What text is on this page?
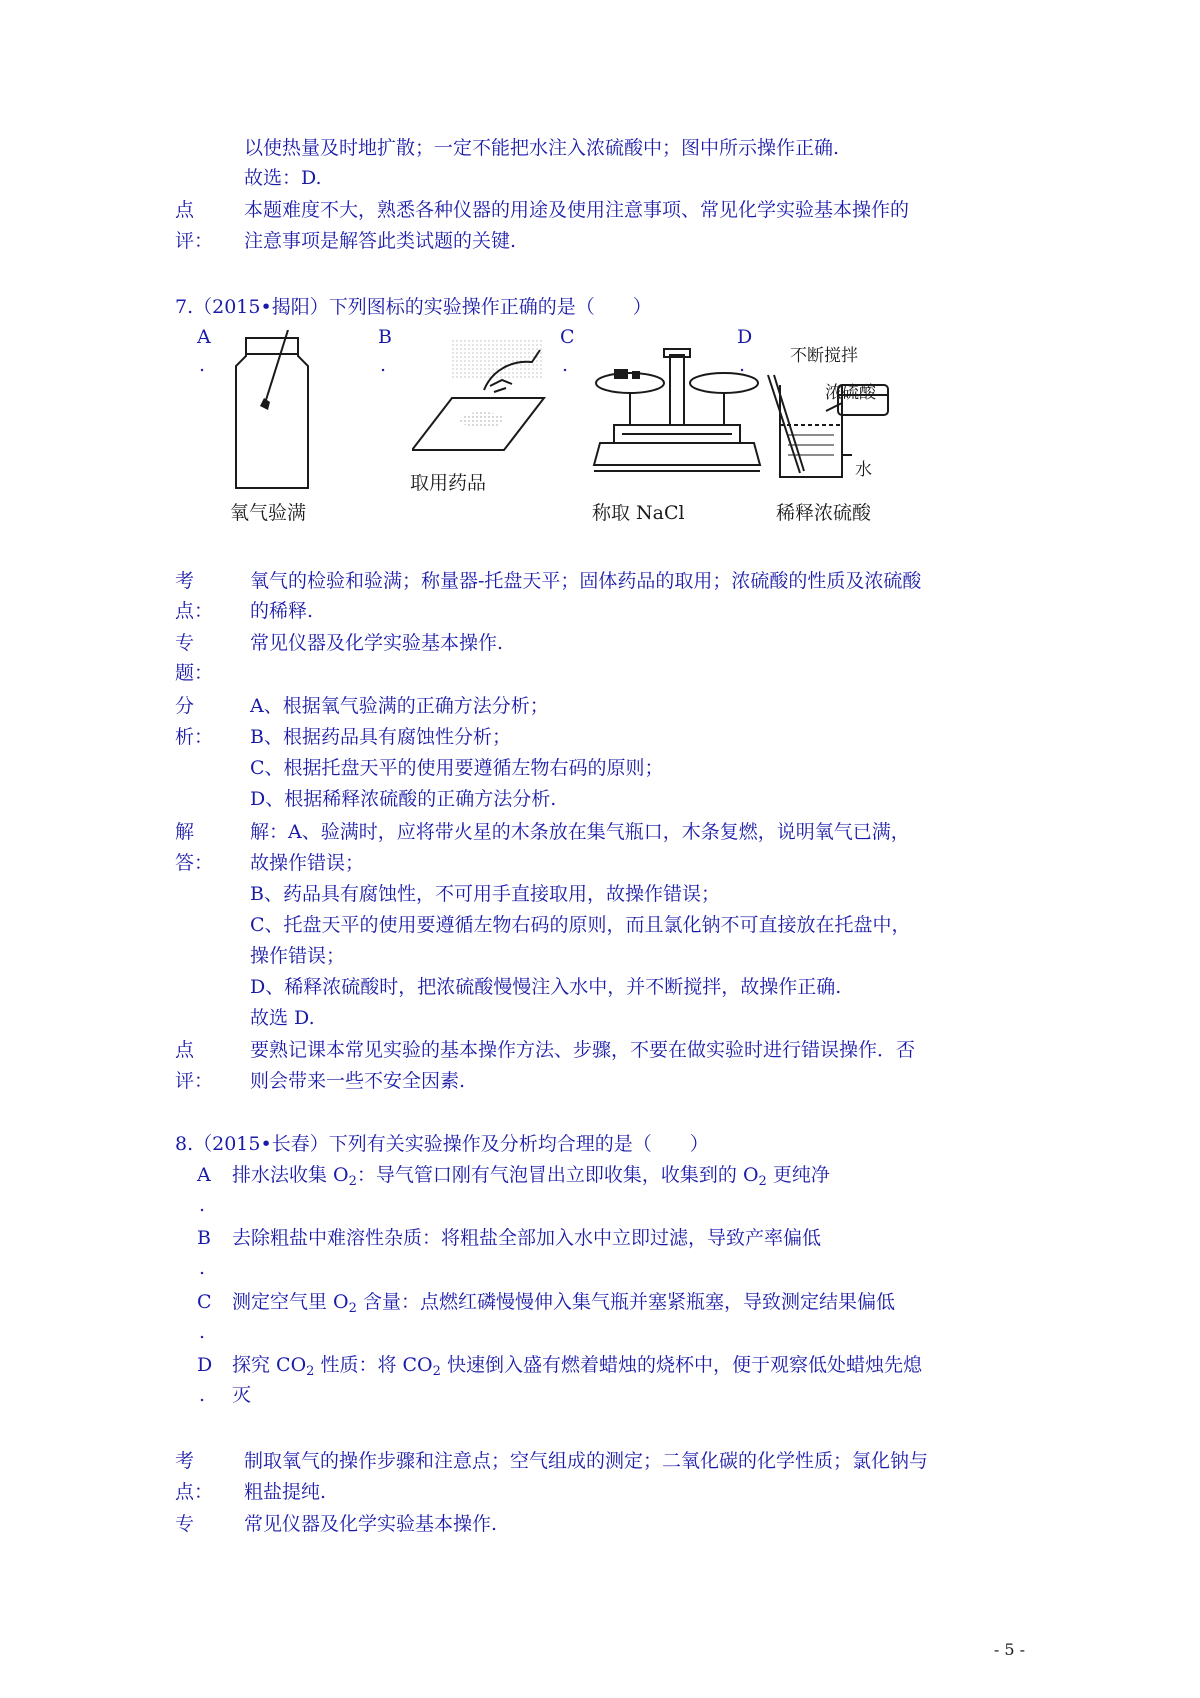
以使热量及时地扩散；一定不能把水注入浓硫酸中；图中所示操作正确.
故选：D.
点
评：
本题难度不大，熟悉各种仪器的用途及使用注意事项、常见化学实验基本操作的
注意事项是解答此类试题的关键.
7.（2015•揭阳）下列图标的实验操作正确的是（　　）
A
.
B
.
C
.
D
.
氧气验满
取用药品
称取 NaCl
不断搅拌
浓硫酸
水
稀释浓硫酸
考
点：
氧气的检验和验满；称量器-托盘天平；固体药品的取用；浓硫酸的性质及浓硫酸
的稀释.
专
题：
常见仪器及化学实验基本操作.
分
析：
A、根据氧气验满的正确方法分析；
B、根据药品具有腐蚀性分析；
C、根据托盘天平的使用要遵循左物右码的原则；
D、根据稀释浓硫酸的正确方法分析.
解
答：
解：A、验满时，应将带火星的木条放在集气瓶口，木条复燃，说明氧气已满，
故操作错误；
B、药品具有腐蚀性，不可用手直接取用，故操作错误；
C、托盘天平的使用要遵循左物右码的原则，而且氯化钠不可直接放在托盘中，
操作错误；
D、稀释浓硫酸时，把浓硫酸慢慢注入水中，并不断搅拌，故操作正确.
故选 D.
点
评：
要熟记课本常见实验的基本操作方法、步骤，不要在做实验时进行错误操作．否
则会带来一些不安全因素.
8.（2015•长春）下列有关实验操作及分析均合理的是（　　）
A
.
排水法收集 $O_2$：导气管口刚有气泡冒出立即收集，收集到的 $O_2$ 更纯净
B
.
去除粗盐中难溶性杂质：将粗盐全部加入水中立即过滤，导致产率偏低
C
.
测定空气里 $O_2$ 含量：点燃红磷慢慢伸入集气瓶并塞紧瓶塞，导致测定结果偏低
D
.
探究 $CO_2$ 性质：将 $CO_2$ 快速倒入盛有燃着蜡烛的烧杯中，便于观察低处蜡烛先熄
灭
考
点：
制取氧气的操作步骤和注意点；空气组成的测定；二氧化碳的化学性质；氯化钠与
粗盐提纯.
专	常见仪器及化学实验基本操作.
- 5 -
